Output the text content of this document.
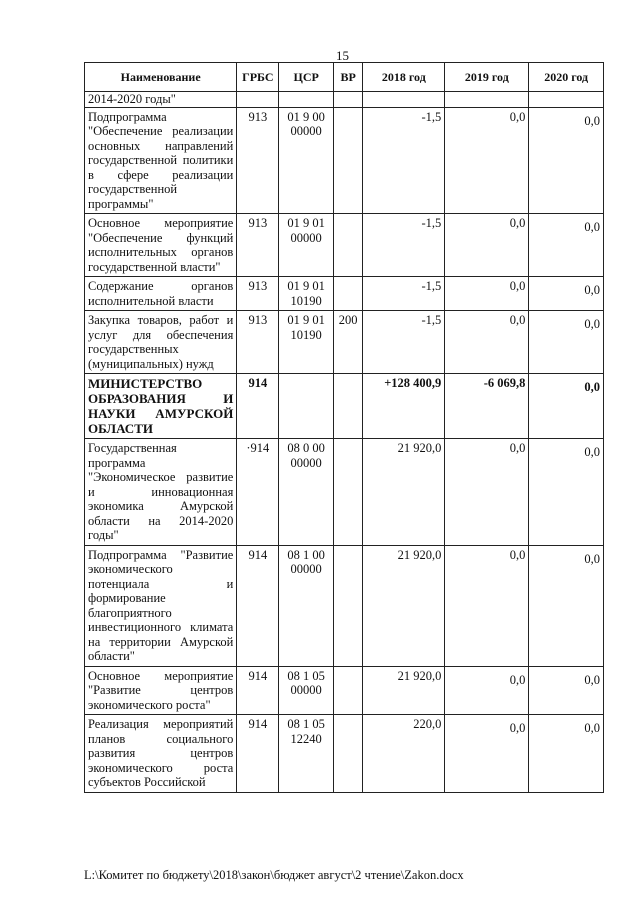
15
Наименование	ГРБС	ЦСР	ВР	2018 год	2019 год	2020 год
2014-2020 годы"						
Подпрограмма "Обеспечение реализации основных направлений государственной политики в сфере реализации государственной программы"	913	01 9 00 00000		-1,5	0,0	0,0
Основное мероприятие "Обеспечение функций исполнительных органов государственной власти"	913	01 9 01 00000		-1,5	0,0	0,0
Содержание органов исполнительной власти	913	01 9 01 10190		-1,5	0,0	0,0
Закупка товаров, работ и услуг для обеспечения государственных (муниципальных) нужд	913	01 9 01 10190	200	-1,5	0,0	0,0
МИНИСТЕРСТВО ОБРАЗОВАНИЯ И НАУКИ АМУРСКОЙ ОБЛАСТИ	914			+128 400,9	-6 069,8	0,0
Государственная программа "Экономическое развитие и инновационная экономика Амурской области на 2014-2020 годы"	·914	08 0 00 00000		21 920,0	0,0	0,0
Подпрограмма "Развитие экономического потенциала и формирование благоприятного инвестиционного климата на территории Амурской области"	914	08 1 00 00000		21 920,0	0,0	0,0
Основное мероприятие "Развитие центров экономического роста"	914	08 1 05 00000		21 920,0	0,0	0,0
Реализация мероприятий планов социального развития центров экономического роста субъектов Российской	914	08 1 05 12240		220,0	0,0	0,0
L:\Комитет по бюджету\2018\закон\бюджет август\2 чтение\Zakon.docx
